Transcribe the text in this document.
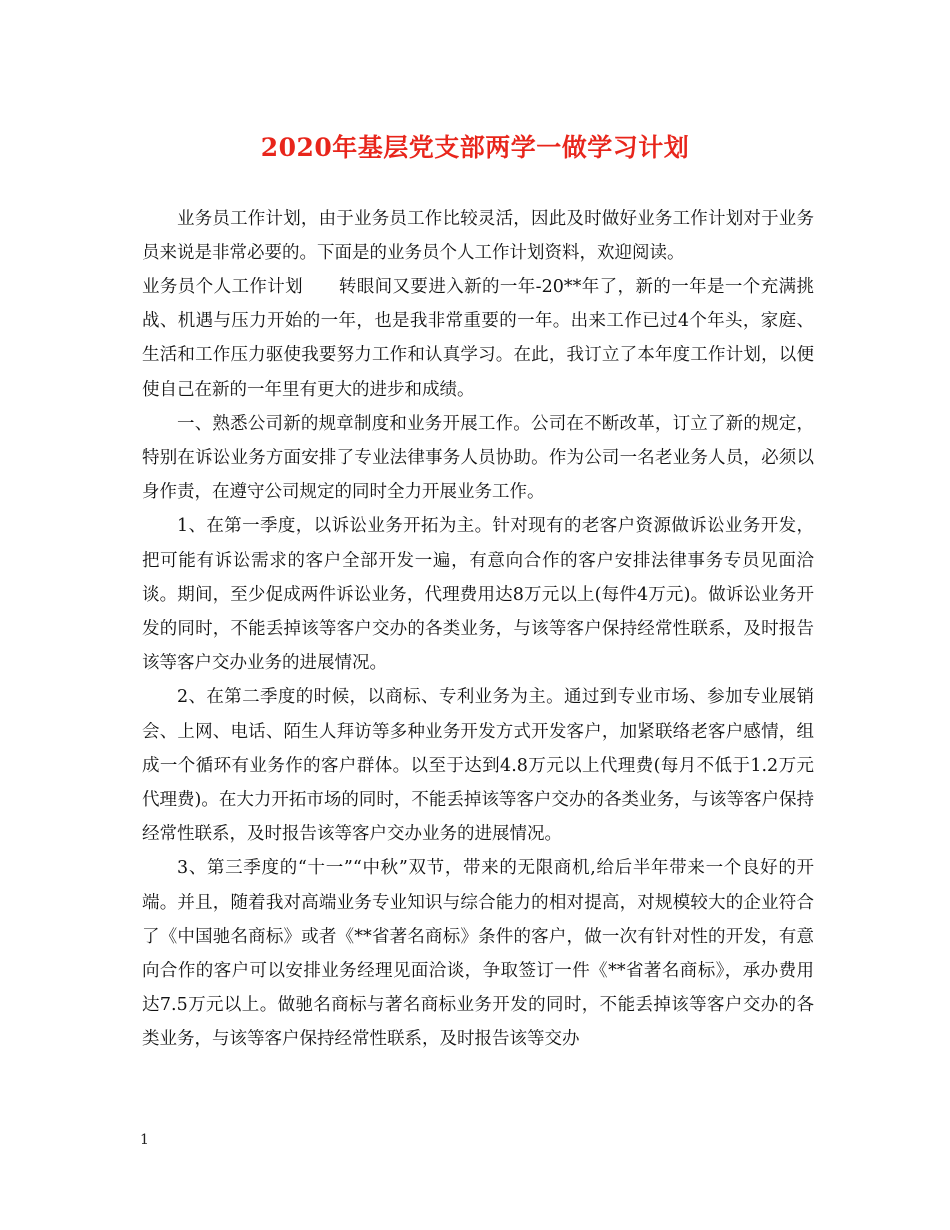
2020年基层党支部两学一做学习计划

业务员工作计划，由于业务员工作比较灵活，因此及时做好业务工作计划对于业务员来说是非常必要的。下面是的业务员个人工作计划资料，欢迎阅读。

业务员个人工作计划　　转眼间又要进入新的一年-20**年了，新的一年是一个充满挑战、机遇与压力开始的一年，也是我非常重要的一年。出来工作已过4个年头，家庭、生活和工作压力驱使我要努力工作和认真学习。在此，我订立了本年度工作计划，以便使自己在新的一年里有更大的进步和成绩。

一、熟悉公司新的规章制度和业务开展工作。公司在不断改革，订立了新的规定，特别在诉讼业务方面安排了专业法律事务人员协助。作为公司一名老业务人员，必须以身作责，在遵守公司规定的同时全力开展业务工作。

1、在第一季度，以诉讼业务开拓为主。针对现有的老客户资源做诉讼业务开发，把可能有诉讼需求的客户全部开发一遍，有意向合作的客户安排法律事务专员见面洽谈。期间，至少促成两件诉讼业务，代理费用达8万元以上(每件4万元)。做诉讼业务开发的同时，不能丢掉该等客户交办的各类业务，与该等客户保持经常性联系，及时报告该等客户交办业务的进展情况。

2、在第二季度的时候，以商标、专利业务为主。通过到专业市场、参加专业展销会、上网、电话、陌生人拜访等多种业务开发方式开发客户，加紧联络老客户感情，组成一个循环有业务作的客户群体。以至于达到4.8万元以上代理费(每月不低于1.2万元代理费)。在大力开拓市场的同时，不能丢掉该等客户交办的各类业务，与该等客户保持经常性联系，及时报告该等客户交办业务的进展情况。

3、第三季度的“十一”“中秋”双节，带来的无限商机,给后半年带来一个良好的开端。并且，随着我对高端业务专业知识与综合能力的相对提高，对规模较大的企业符合了《中国驰名商标》或者《**省著名商标》条件的客户，做一次有针对性的开发，有意向合作的客户可以安排业务经理见面洽谈，争取签订一件《**省著名商标》，承办费用达7.5万元以上。做驰名商标与著名商标业务开发的同时，不能丢掉该等客户交办的各类业务，与该等客户保持经常性联系，及时报告该等交办

1
